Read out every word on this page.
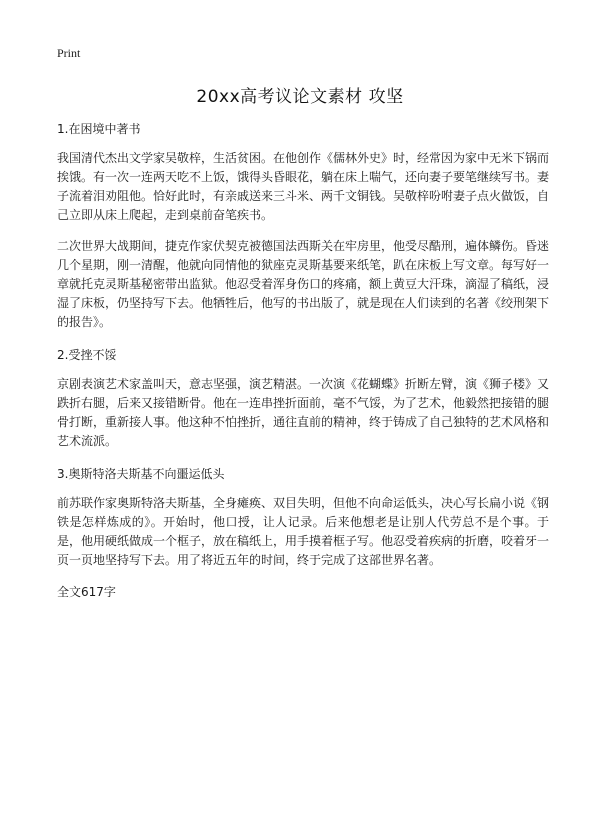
Print
20xx高考议论文素材 攻坚

1.在困境中著书

我国清代杰出文学家吴敬梓，生活贫困。在他创作《儒林外史》时，经常因为家中无米下锅而挨饿。有一次一连两天吃不上饭，饿得头昏眼花，躺在床上喘气，还向妻子要笔继续写书。妻子流着泪劝阻他。恰好此时，有亲戚送来三斗米、两千文铜钱。吴敬梓吩咐妻子点火做饭，自己立即从床上爬起，走到桌前奋笔疾书。

二次世界大战期间，捷克作家伏契克被德国法西斯关在牢房里，他受尽酷刑，遍体鳞伤。昏迷几个星期，刚一清醒，他就向同情他的狱座克灵斯基要来纸笔，趴在床板上写文章。每写好一章就托克灵斯基秘密带出监狱。他忍受着浑身伤口的疼痛，额上黄豆大汗珠，滴湿了稿纸，浸湿了床板，仍坚持写下去。他牺牲后，他写的书出版了，就是现在人们读到的名著《绞刑架下的报告》。

2.受挫不馁

京剧表演艺术家盖叫天，意志坚强，演艺精湛。一次演《花蝴蝶》折断左臂，演《狮子楼》又跌折右腿，后来又接错断骨。他在一连串挫折面前，毫不气馁，为了艺术，他毅然把接错的腿骨打断，重新接人事。他这种不怕挫折，通往直前的精神，终于铸成了自己独特的艺术风格和艺术流派。

3.奥斯特洛夫斯基不向噩运低头

前苏联作家奥斯特洛夫斯基，全身瘫痪、双目失明，但他不向命运低头，决心写长扁小说《钢铁是怎样炼成的》。开始时，他口授，让人记录。后来他想老是让别人代劳总不是个事。于是，他用硬纸做成一个框子，放在稿纸上，用手摸着框子写。他忍受着疾病的折磨，咬着牙一页一页地坚持写下去。用了将近五年的时间，终于完成了这部世界名著。

全文617字
